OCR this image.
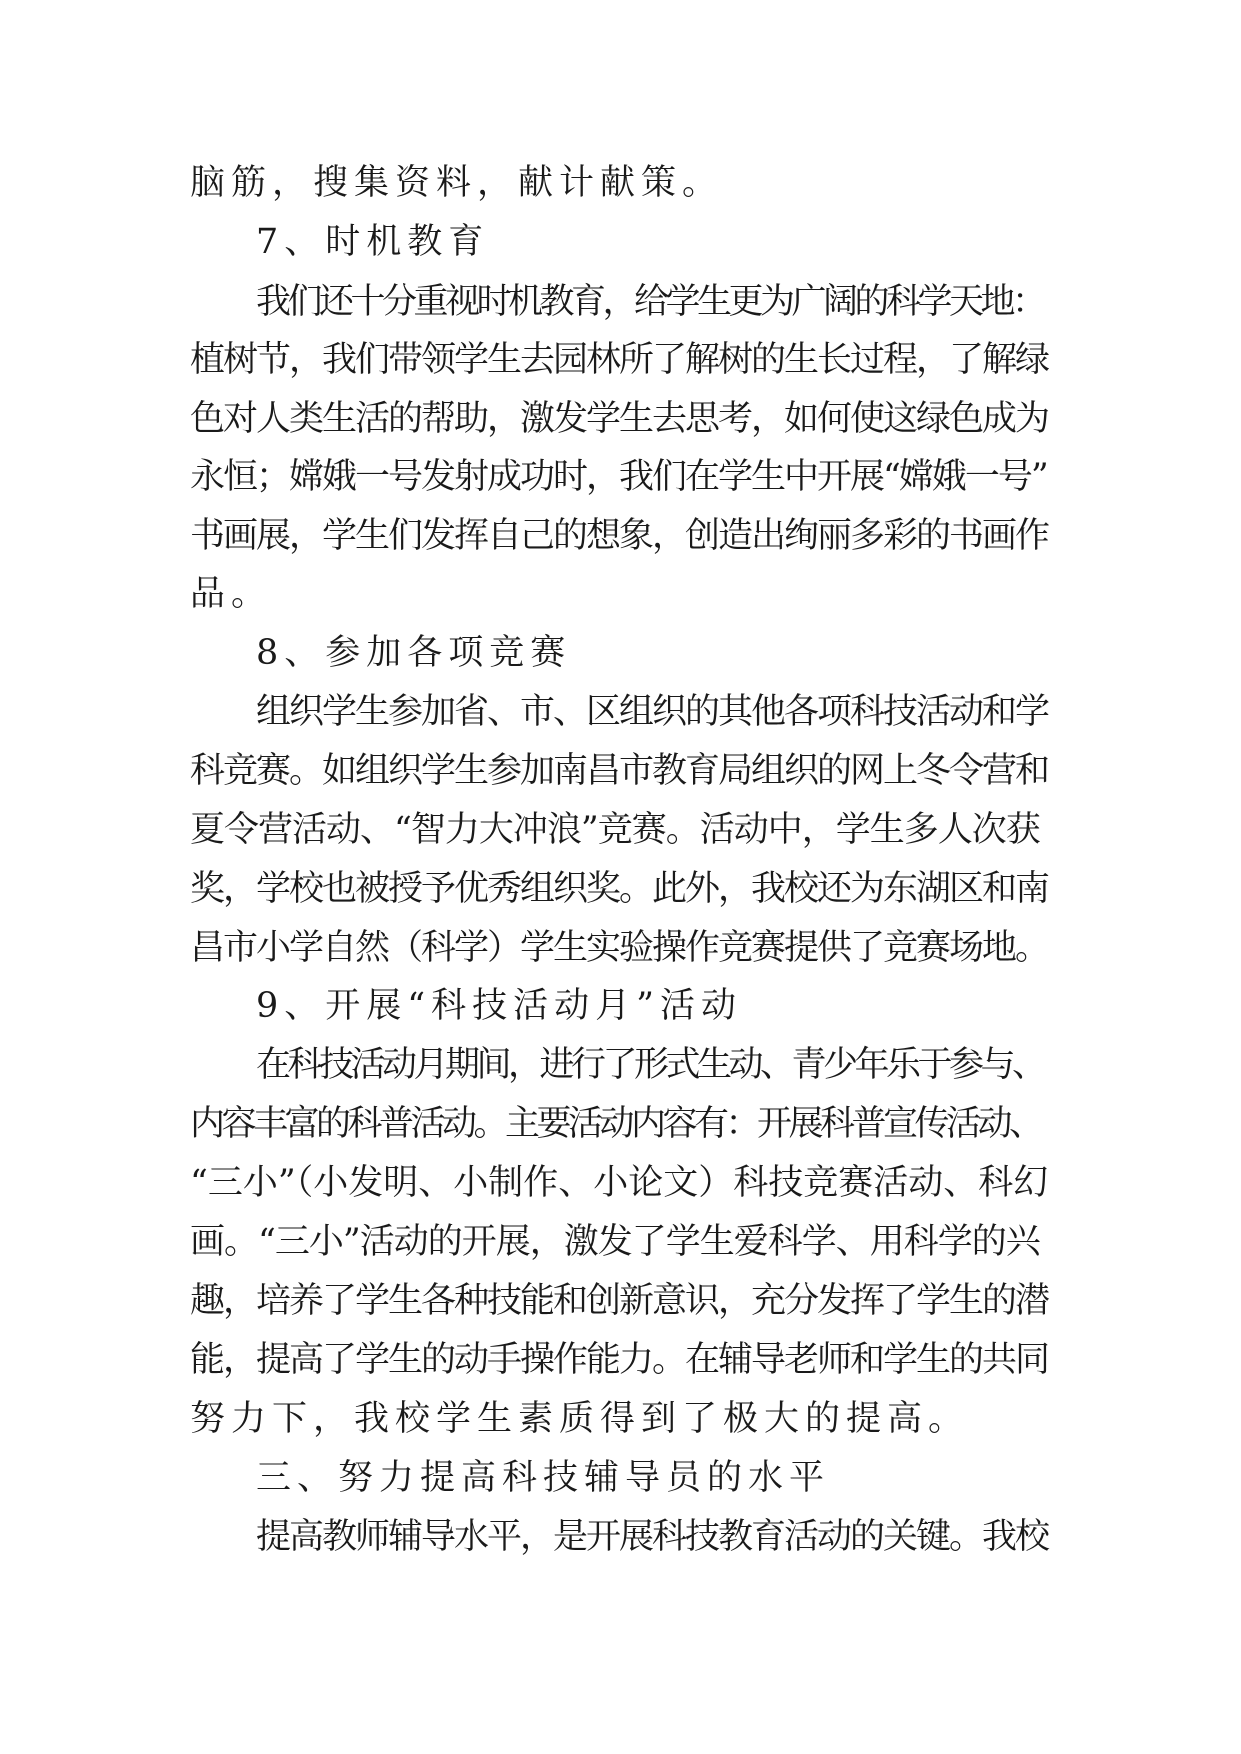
脑筋，搜集资料，献计献策。
7、时机教育
我们还十分重视时机教育，给学生更为广阔的科学天地：
植树节，我们带领学生去园林所了解树的生长过程，了解绿
色对人类生活的帮助，激发学生去思考，如何使这绿色成为
永恒；嫦娥一号发射成功时，我们在学生中开展“嫦娥一号”
书画展，学生们发挥自己的想象，创造出绚丽多彩的书画作
品。
8、参加各项竞赛
组织学生参加省、市、区组织的其他各项科技活动和学
科竞赛。如组织学生参加南昌市教育局组织的网上冬令营和
夏令营活动、“智力大冲浪”竞赛。活动中，学生多人次获
奖，学校也被授予优秀组织奖。此外，我校还为东湖区和南
昌市小学自然（科学）学生实验操作竞赛提供了竞赛场地。
9、开展“科技活动月”活动
在科技活动月期间，进行了形式生动、青少年乐于参与、
内容丰富的科普活动。主要活动内容有：开展科普宣传活动、
“三小”（小发明、小制作、小论文）科技竞赛活动、科幻
画。“三小”活动的开展，激发了学生爱科学、用科学的兴
趣，培养了学生各种技能和创新意识，充分发挥了学生的潜
能，提高了学生的动手操作能力。在辅导老师和学生的共同
努力下，我校学生素质得到了极大的提高。
三、努力提高科技辅导员的水平
提高教师辅导水平，是开展科技教育活动的关键。我校
